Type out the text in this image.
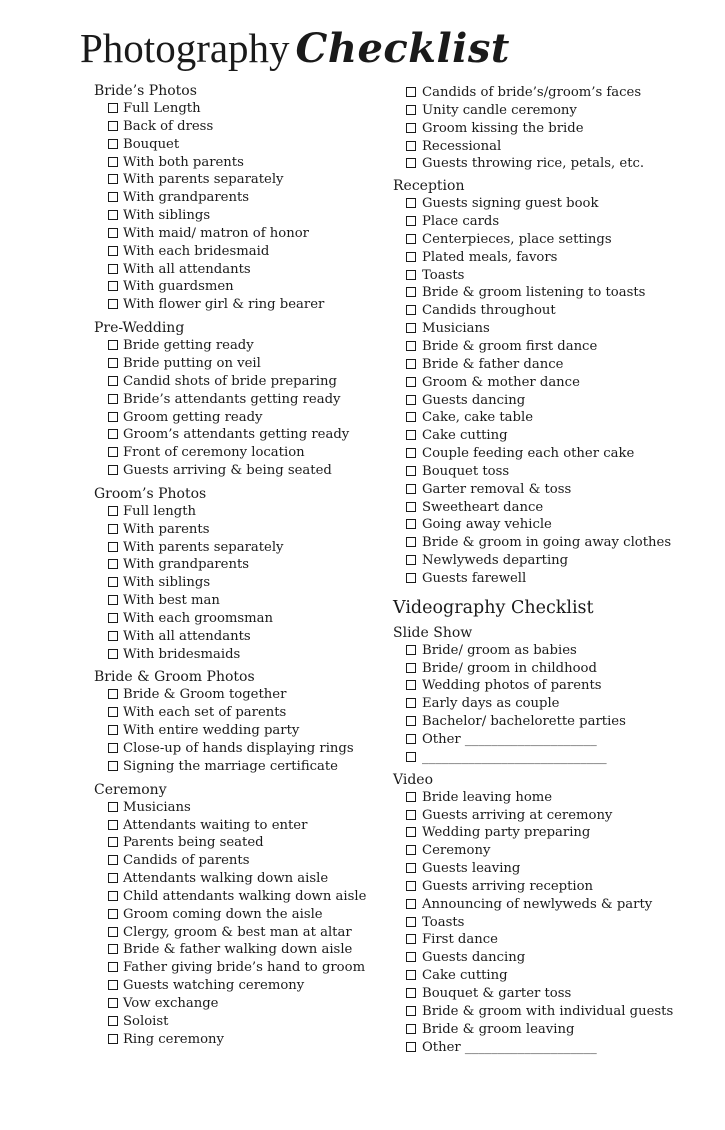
Photography Checklist
Bride’s Photos
Full Length
Back of dress
Bouquet
With both parents
With parents separately
With grandparents
With siblings
With maid/ matron of honor
With each bridesmaid
With all attendants
With guardsmen
With flower girl & ring bearer
Pre-Wedding
Bride getting ready
Bride putting on veil
Candid shots of bride preparing
Bride’s attendants getting ready
Groom getting ready
Groom’s attendants getting ready
Front of ceremony location
Guests arriving & being seated
Groom’s Photos
Full length
With parents
With parents separately
With grandparents
With siblings
With best man
With each groomsman
With all attendants
With bridesmaids
Bride & Groom Photos
Bride & Groom together
With each set of parents
With entire wedding party
Close-up of hands displaying rings
Signing the marriage certificate
Ceremony
Musicians
Attendants waiting to enter
Parents being seated
Candids of parents
Attendants walking down aisle
Child attendants walking down aisle
Groom coming down the aisle
Clergy, groom & best man at altar
Bride & father walking down aisle
Father giving bride’s hand to groom
Guests watching ceremony
Vow exchange
Soloist
Ring ceremony
Candids of bride’s/groom’s faces
Unity candle ceremony
Groom kissing the bride
Recessional
Guests throwing rice, petals, etc.
Reception
Guests signing guest book
Place cards
Centerpieces, place settings
Plated meals, favors
Toasts
Bride & groom listening to toasts
Candids throughout
Musicians
Bride & groom first dance
Bride & father dance
Groom & mother dance
Guests dancing
Cake, cake table
Cake cutting
Couple feeding each other cake
Bouquet toss
Garter removal & toss
Sweetheart dance
Going away vehicle
Bride & groom in going away clothes
Newlyweds departing
Guests farewell
Videography Checklist
Slide Show
Bride/ groom as babies
Bride/ groom in childhood
Wedding photos of parents
Early days as couple
Bachelor/ bachelorette parties
Other ____________________
____________________________
Video
Bride leaving home
Guests arriving at ceremony
Wedding party preparing
Ceremony
Guests leaving
Guests arriving reception
Announcing of newlyweds & party
Toasts
First dance
Guests dancing
Cake cutting
Bouquet & garter toss
Bride & groom with individual guests
Bride & groom leaving
Other ____________________
